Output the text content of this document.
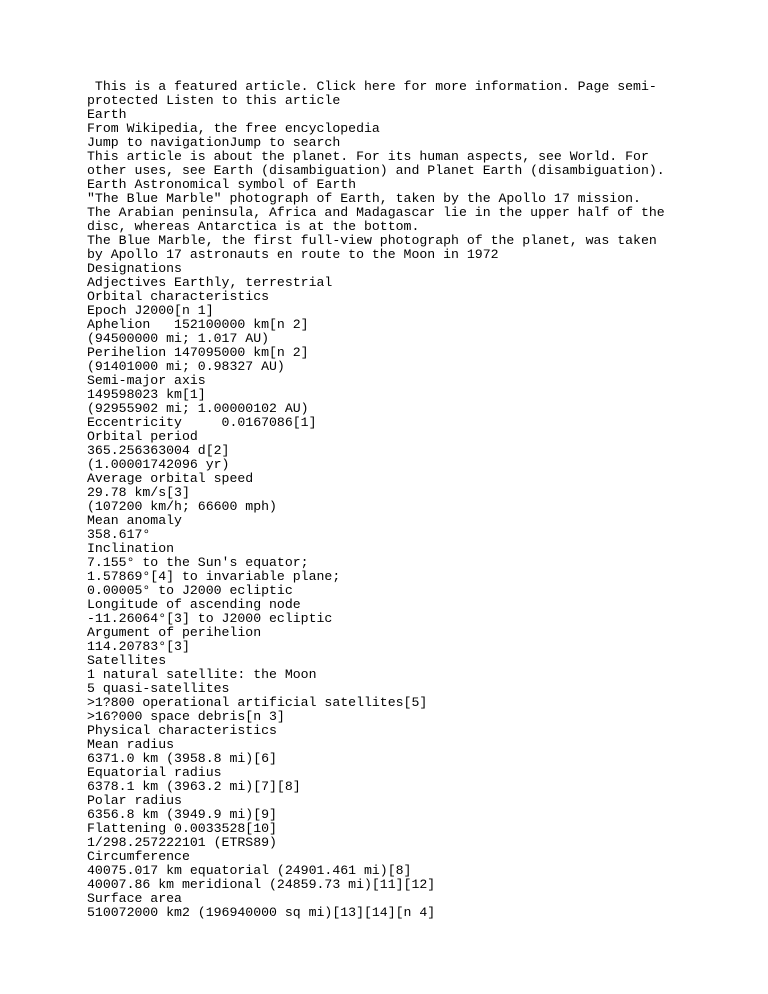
This is a featured article. Click here for more information. Page semi-
protected Listen to this article
Earth
From Wikipedia, the free encyclopedia
Jump to navigationJump to search
This article is about the planet. For its human aspects, see World. For
other uses, see Earth (disambiguation) and Planet Earth (disambiguation).
Earth Astronomical symbol of Earth
"The Blue Marble" photograph of Earth, taken by the Apollo 17 mission.
The Arabian peninsula, Africa and Madagascar lie in the upper half of the
disc, whereas Antarctica is at the bottom.
The Blue Marble, the first full-view photograph of the planet, was taken
by Apollo 17 astronauts en route to the Moon in 1972
Designations
Adjectives Earthly, terrestrial
Orbital characteristics
Epoch J2000[n 1]
Aphelion   152100000 km[n 2]
(94500000 mi; 1.017 AU)
Perihelion 147095000 km[n 2]
(91401000 mi; 0.98327 AU)
Semi-major axis
149598023 km[1]
(92955902 mi; 1.00000102 AU)
Eccentricity     0.0167086[1]
Orbital period
365.256363004 d[2]
(1.00001742096 yr)
Average orbital speed
29.78 km/s[3]
(107200 km/h; 66600 mph)
Mean anomaly
358.617°
Inclination
7.155° to the Sun's equator;
1.57869°[4] to invariable plane;
0.00005° to J2000 ecliptic
Longitude of ascending node
-11.26064°[3] to J2000 ecliptic
Argument of perihelion
114.20783°[3]
Satellites
1 natural satellite: the Moon
5 quasi-satellites
>1?800 operational artificial satellites[5]
>16?000 space debris[n 3]
Physical characteristics
Mean radius
6371.0 km (3958.8 mi)[6]
Equatorial radius
6378.1 km (3963.2 mi)[7][8]
Polar radius
6356.8 km (3949.9 mi)[9]
Flattening 0.0033528[10]
1/298.257222101 (ETRS89)
Circumference
40075.017 km equatorial (24901.461 mi)[8]
40007.86 km meridional (24859.73 mi)[11][12]
Surface area
510072000 km2 (196940000 sq mi)[13][14][n 4]
